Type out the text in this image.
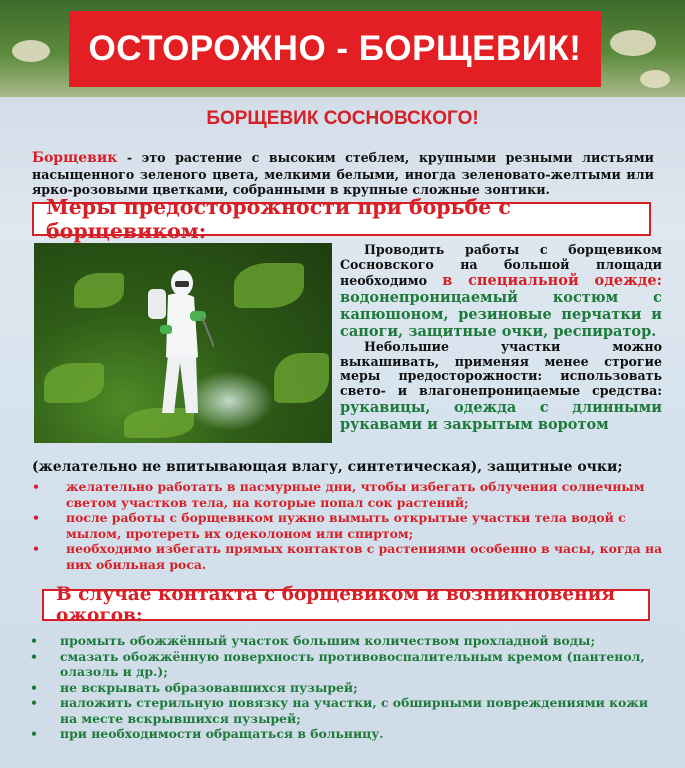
ОСТОРОЖНО - БОРЩЕВИК!
БОРЩЕВИК СОСНОВСКОГО!
Борщевик - это растение с высоким стеблем, крупными резными листьями насыщенного зеленого цвета, мелкими белыми, иногда зеленовато-желтыми или ярко-розовыми цветками, собранными в крупные сложные зонтики.
Меры предосторожности при борьбе с борщевиком:

Проводить работы с борщевиком Сосновского на большой площади необходимо в специальной одежде: водонепроницаемый костюм с капюшоном, резиновые перчатки и сапоги, защитные очки, респиратор.

Небольшие участки можно выкашивать, применяя менее строгие меры предосторожности: использовать свето- и влагонепроницаемые средства: рукавицы, одежда с длинными рукавами и закрытым воротом

(желательно не впитывающая влагу, синтетическая), защитные очки;
• желательно работать в пасмурные дни, чтобы избегать облучения солнечным светом участков тела, на которые попал сок растений;
• после работы с борщевиком нужно вымыть открытые участки тела водой с мылом, протереть их одеколоном или спиртом;
• необходимо избегать прямых контактов с растениями особенно в часы, когда на них обильная роса.
В случае контакта с борщевиком и возникновения ожогов:
• промыть обожжённый участок большим количеством прохладной воды;
• смазать обожжённую поверхность противовоспалительным кремом (пантенол, олазоль и др.);
• не вскрывать образовавшихся пузырей;
• наложить стерильную повязку на участки, с обширными повреждениями кожи на месте вскрывшихся пузырей;
• при необходимости обращаться в больницу.
